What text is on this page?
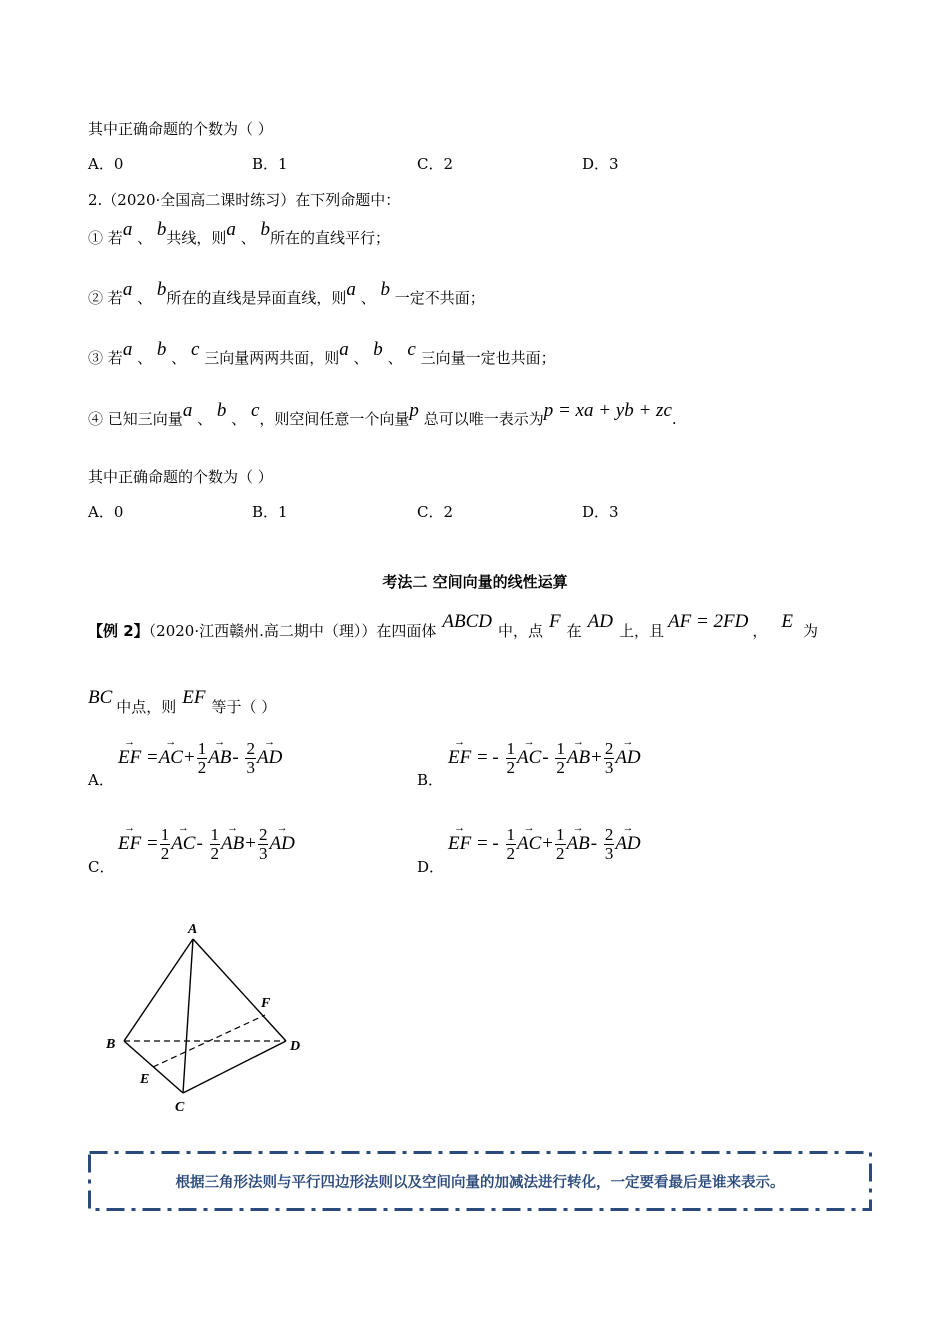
其中正确命题的个数为（ ）
A．0	B．1	C．2	D．3
2.（2020·全国高二课时练习）在下列命题中：
① 若a 、 b共线，则a 、 b所在的直线平行；
② 若a 、 b所在的直线是异面直线，则a 、 b 一定不共面；
③ 若a 、 b 、 c 三向量两两共面，则a 、 b 、 c 三向量一定也共面；
④ 已知三向量a 、 b 、 c，则空间任意一个向量p 总可以唯一表示为p = xa + yb + zc.
其中正确命题的个数为（ ）
A．0	B．1	C．2	D．3
考法二 空间向量的线性运算
【例 2】（2020·江西赣州.高二期中（理））在四面体 ABCD 中，点 F 在 AD 上，且 AF = 2FD ， E 为
BC 中点，则 EF 等于（ ）
A．
→
EF =
→
$AC+ \frac{1}{2}$ →
$AB- \frac{2}{3}$ →
AD
B．
→
EF = - $\frac{1}{2}$ →
$AC- \frac{1}{2}$ →
$AB+ \frac{2}{3}$ →
AD
C．
→
EF = $\frac{1}{2}$ →
$AC- \frac{1}{2}$ →
$AB+ \frac{2}{3}$ →
AD
D．
→
EF = - $\frac{1}{2}$ →
$AC+ \frac{1}{2}$ →
$AB- \frac{2}{3}$ →
AD
A
B
C
D
E
F
根据三角形法则与平行四边形法则以及空间向量的加减法进行转化，一定要看最后是谁来表示。
